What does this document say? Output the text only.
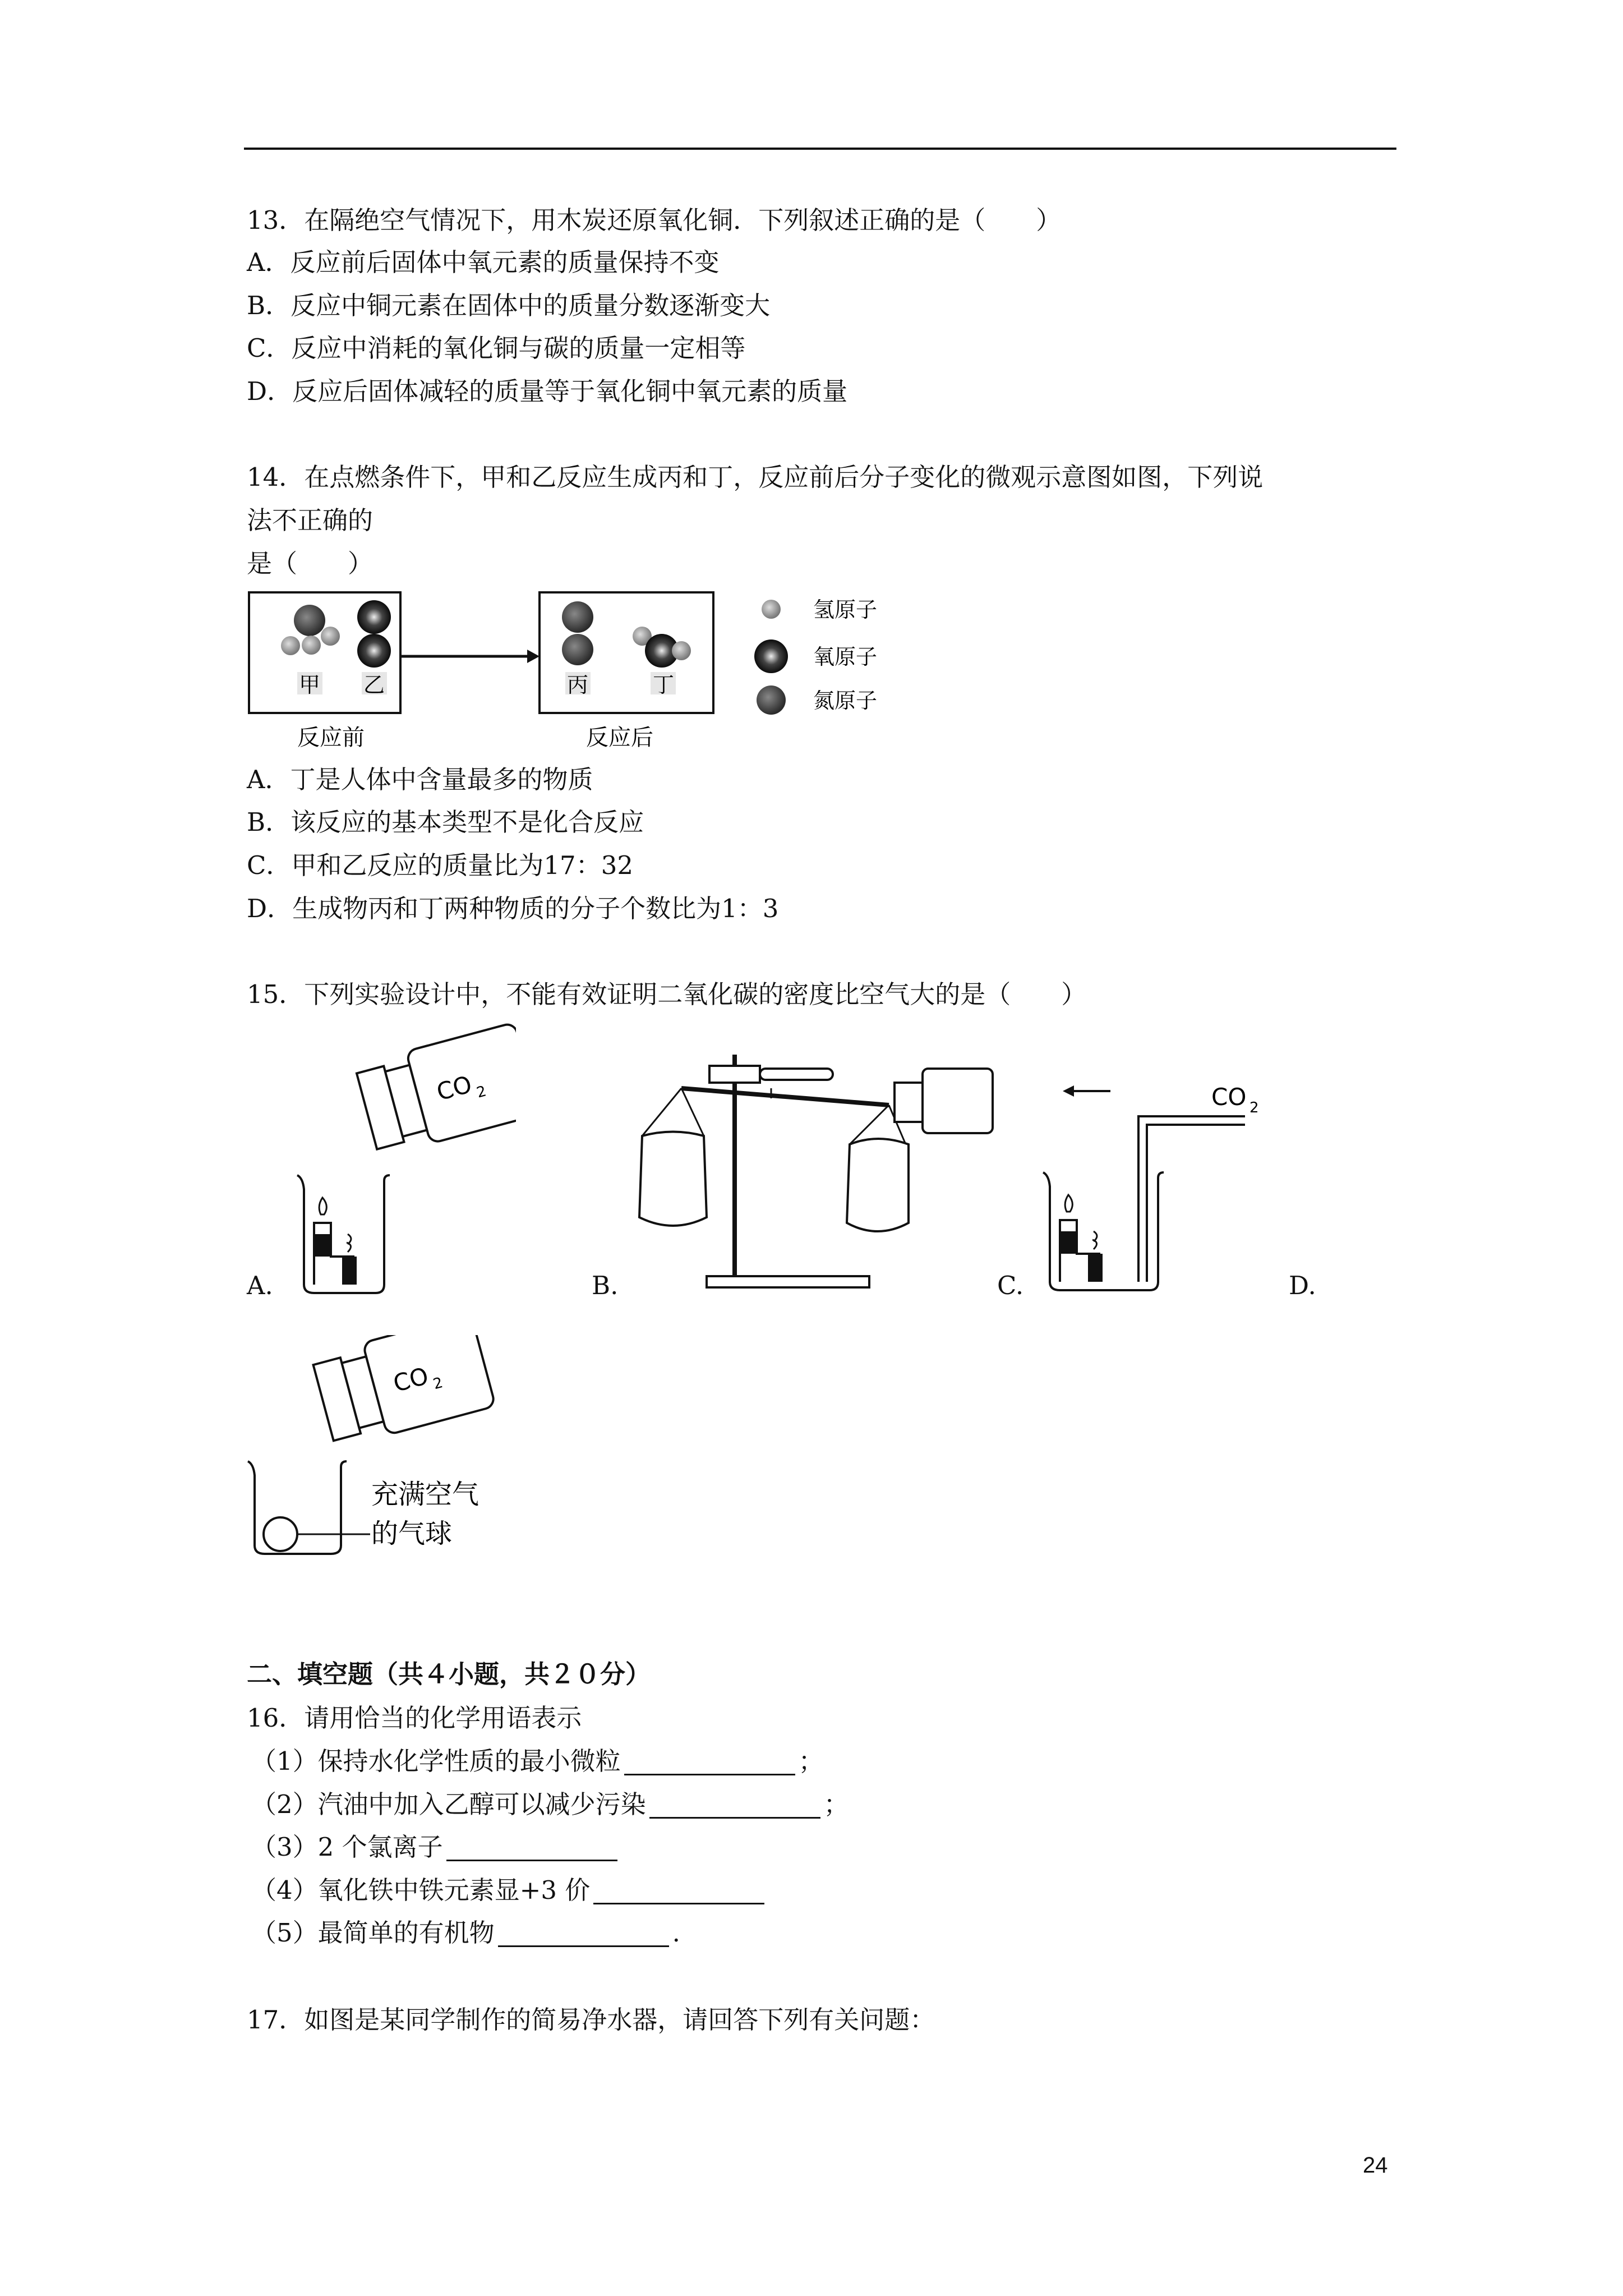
13．在隔绝空气情况下，用木炭还原氧化铜．下列叙述正确的是（　　）
A．反应前后固体中氧元素的质量保持不变
B．反应中铜元素在固体中的质量分数逐渐变大
C．反应中消耗的氧化铜与碳的质量一定相等
D．反应后固体减轻的质量等于氧化铜中氧元素的质量
14．在点燃条件下，甲和乙反应生成丙和丁，反应前后分子变化的微观示意图如图，下列说
法不正确的
是（　　）
甲 乙
反应前
丙	丁
反应后
氢原子
氧原子
氮原子
A．丁是人体中含量最多的物质
B．该反应的基本类型不是化合反应
C．甲和乙反应的质量比为17：32
D．生成物丙和丁两种物质的分子个数比为1：3
15．下列实验设计中，不能有效证明二氧化碳的密度比空气大的是（　　）
CO 2
A.	B.
CO 2
C.	D.
CO 2
充满空气
的气球
二、填空题（共４小题，共２０分）
16．请用恰当的化学用语表示
（1）保持水化学性质的最小微粒	；
（2）汽油中加入乙醇可以减少污染	；
（3）2 个氯离子
（4）氧化铁中铁元素显+3 价
（5）最简单的有机物	.
17．如图是某同学制作的简易净水器，请回答下列有关问题：
24
